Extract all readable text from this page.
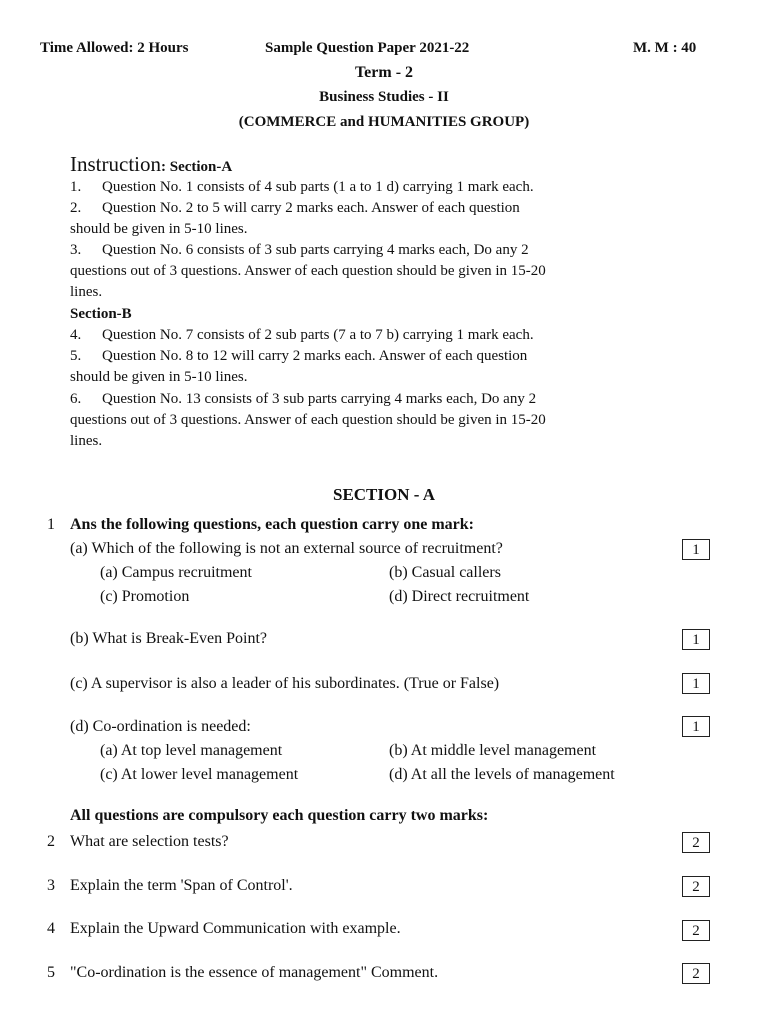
Time Allowed: 2 Hours	Sample Question Paper 2021-22	M. M : 40
Term - 2
Business Studies - II
(COMMERCE and HUMANITIES GROUP)
Instruction: Section-A
1. Question No. 1 consists of 4 sub parts (1 a to 1 d) carrying 1 mark each.
2. Question No. 2 to 5 will carry 2 marks each. Answer of each question
should be given in 5-10 lines.
3. Question No. 6 consists of 3 sub parts carrying 4 marks each, Do any 2
questions out of 3 questions. Answer of each question should be given in 15-20
lines.
Section-B
4. Question No. 7 consists of 2 sub parts (7 a to 7 b) carrying 1 mark each.
5. Question No. 8 to 12 will carry 2 marks each. Answer of each question
should be given in 5-10 lines.
6. Question No. 13 consists of 3 sub parts carrying 4 marks each, Do any 2
questions out of 3 questions. Answer of each question should be given in 15-20
lines.
SECTION - A
1 Ans the following questions, each question carry one mark:
(a) Which of the following is not an external source of recruitment?	1
(a) Campus recruitment	(b) Casual callers
(c) Promotion	(d) Direct recruitment
(b) What is Break-Even Point?	1
(c) A supervisor is also a leader of his subordinates. (True or False)	1
(d) Co-ordination is needed:	1
(a) At top level management	(b) At middle level management
(c) At lower level management	(d) At all the levels of management
All questions are compulsory each question carry two marks:
2 What are selection tests?	2
3 Explain the term 'Span of Control'.	2
4 Explain the Upward Communication with example.	2
5 "Co-ordination is the essence of management" Comment.	2
